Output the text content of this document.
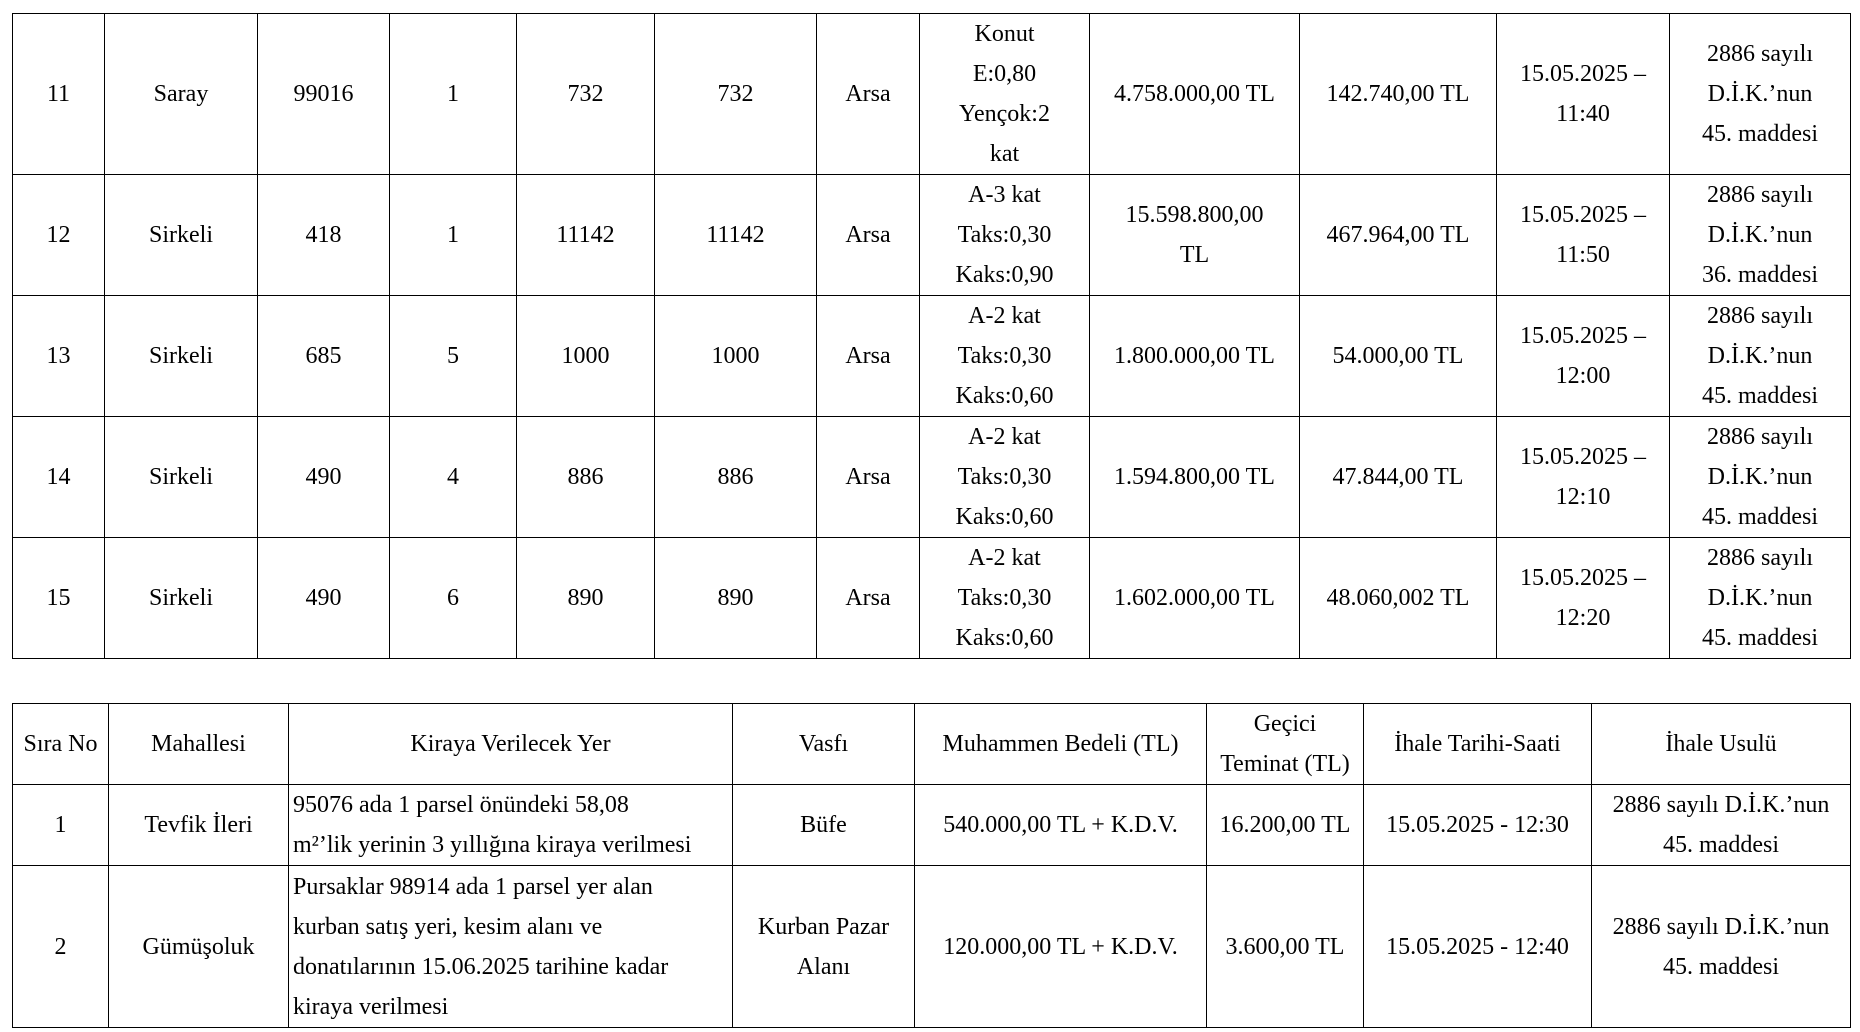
11	Saray	99016	1	732	732	Arsa	Konut
E:0,80
Yençok:2
kat	4.758.000,00 TL	142.740,00 TL	15.05.2025 –
11:40	2886 sayılı
D.İ.K.’nun
45. maddesi
12	Sirkeli	418	1	11142	11142	Arsa	A-3 kat
Taks:0,30
Kaks:0,90	15.598.800,00
TL	467.964,00 TL	15.05.2025 –
11:50	2886 sayılı
D.İ.K.’nun
36. maddesi
13	Sirkeli	685	5	1000	1000	Arsa	A-2 kat
Taks:0,30
Kaks:0,60	1.800.000,00 TL	54.000,00 TL	15.05.2025 –
12:00	2886 sayılı
D.İ.K.’nun
45. maddesi
14	Sirkeli	490	4	886	886	Arsa	A-2 kat
Taks:0,30
Kaks:0,60	1.594.800,00 TL	47.844,00 TL	15.05.2025 –
12:10	2886 sayılı
D.İ.K.’nun
45. maddesi
15	Sirkeli	490	6	890	890	Arsa	A-2 kat
Taks:0,30
Kaks:0,60	1.602.000,00 TL	48.060,002 TL	15.05.2025 –
12:20	2886 sayılı
D.İ.K.’nun
45. maddesi
Sıra No	Mahallesi	Kiraya Verilecek Yer	Vasfı	Muhammen Bedeli (TL)	Geçici
Teminat (TL)	İhale Tarihi-Saati	İhale Usulü
1	Tevfik İleri	95076 ada 1 parsel önündeki 58,08
m²’lik yerinin 3 yıllığına kiraya verilmesi	Büfe	540.000,00 TL + K.D.V.	16.200,00 TL	15.05.2025 - 12:30	2886 sayılı D.İ.K.’nun
45. maddesi
2	Gümüşoluk	Pursaklar 98914 ada 1 parsel yer alan
kurban satış yeri, kesim alanı ve
donatılarının 15.06.2025 tarihine kadar
kiraya verilmesi	Kurban Pazar
Alanı	120.000,00 TL + K.D.V.	3.600,00 TL	15.05.2025 - 12:40	2886 sayılı D.İ.K.’nun
45. maddesi
